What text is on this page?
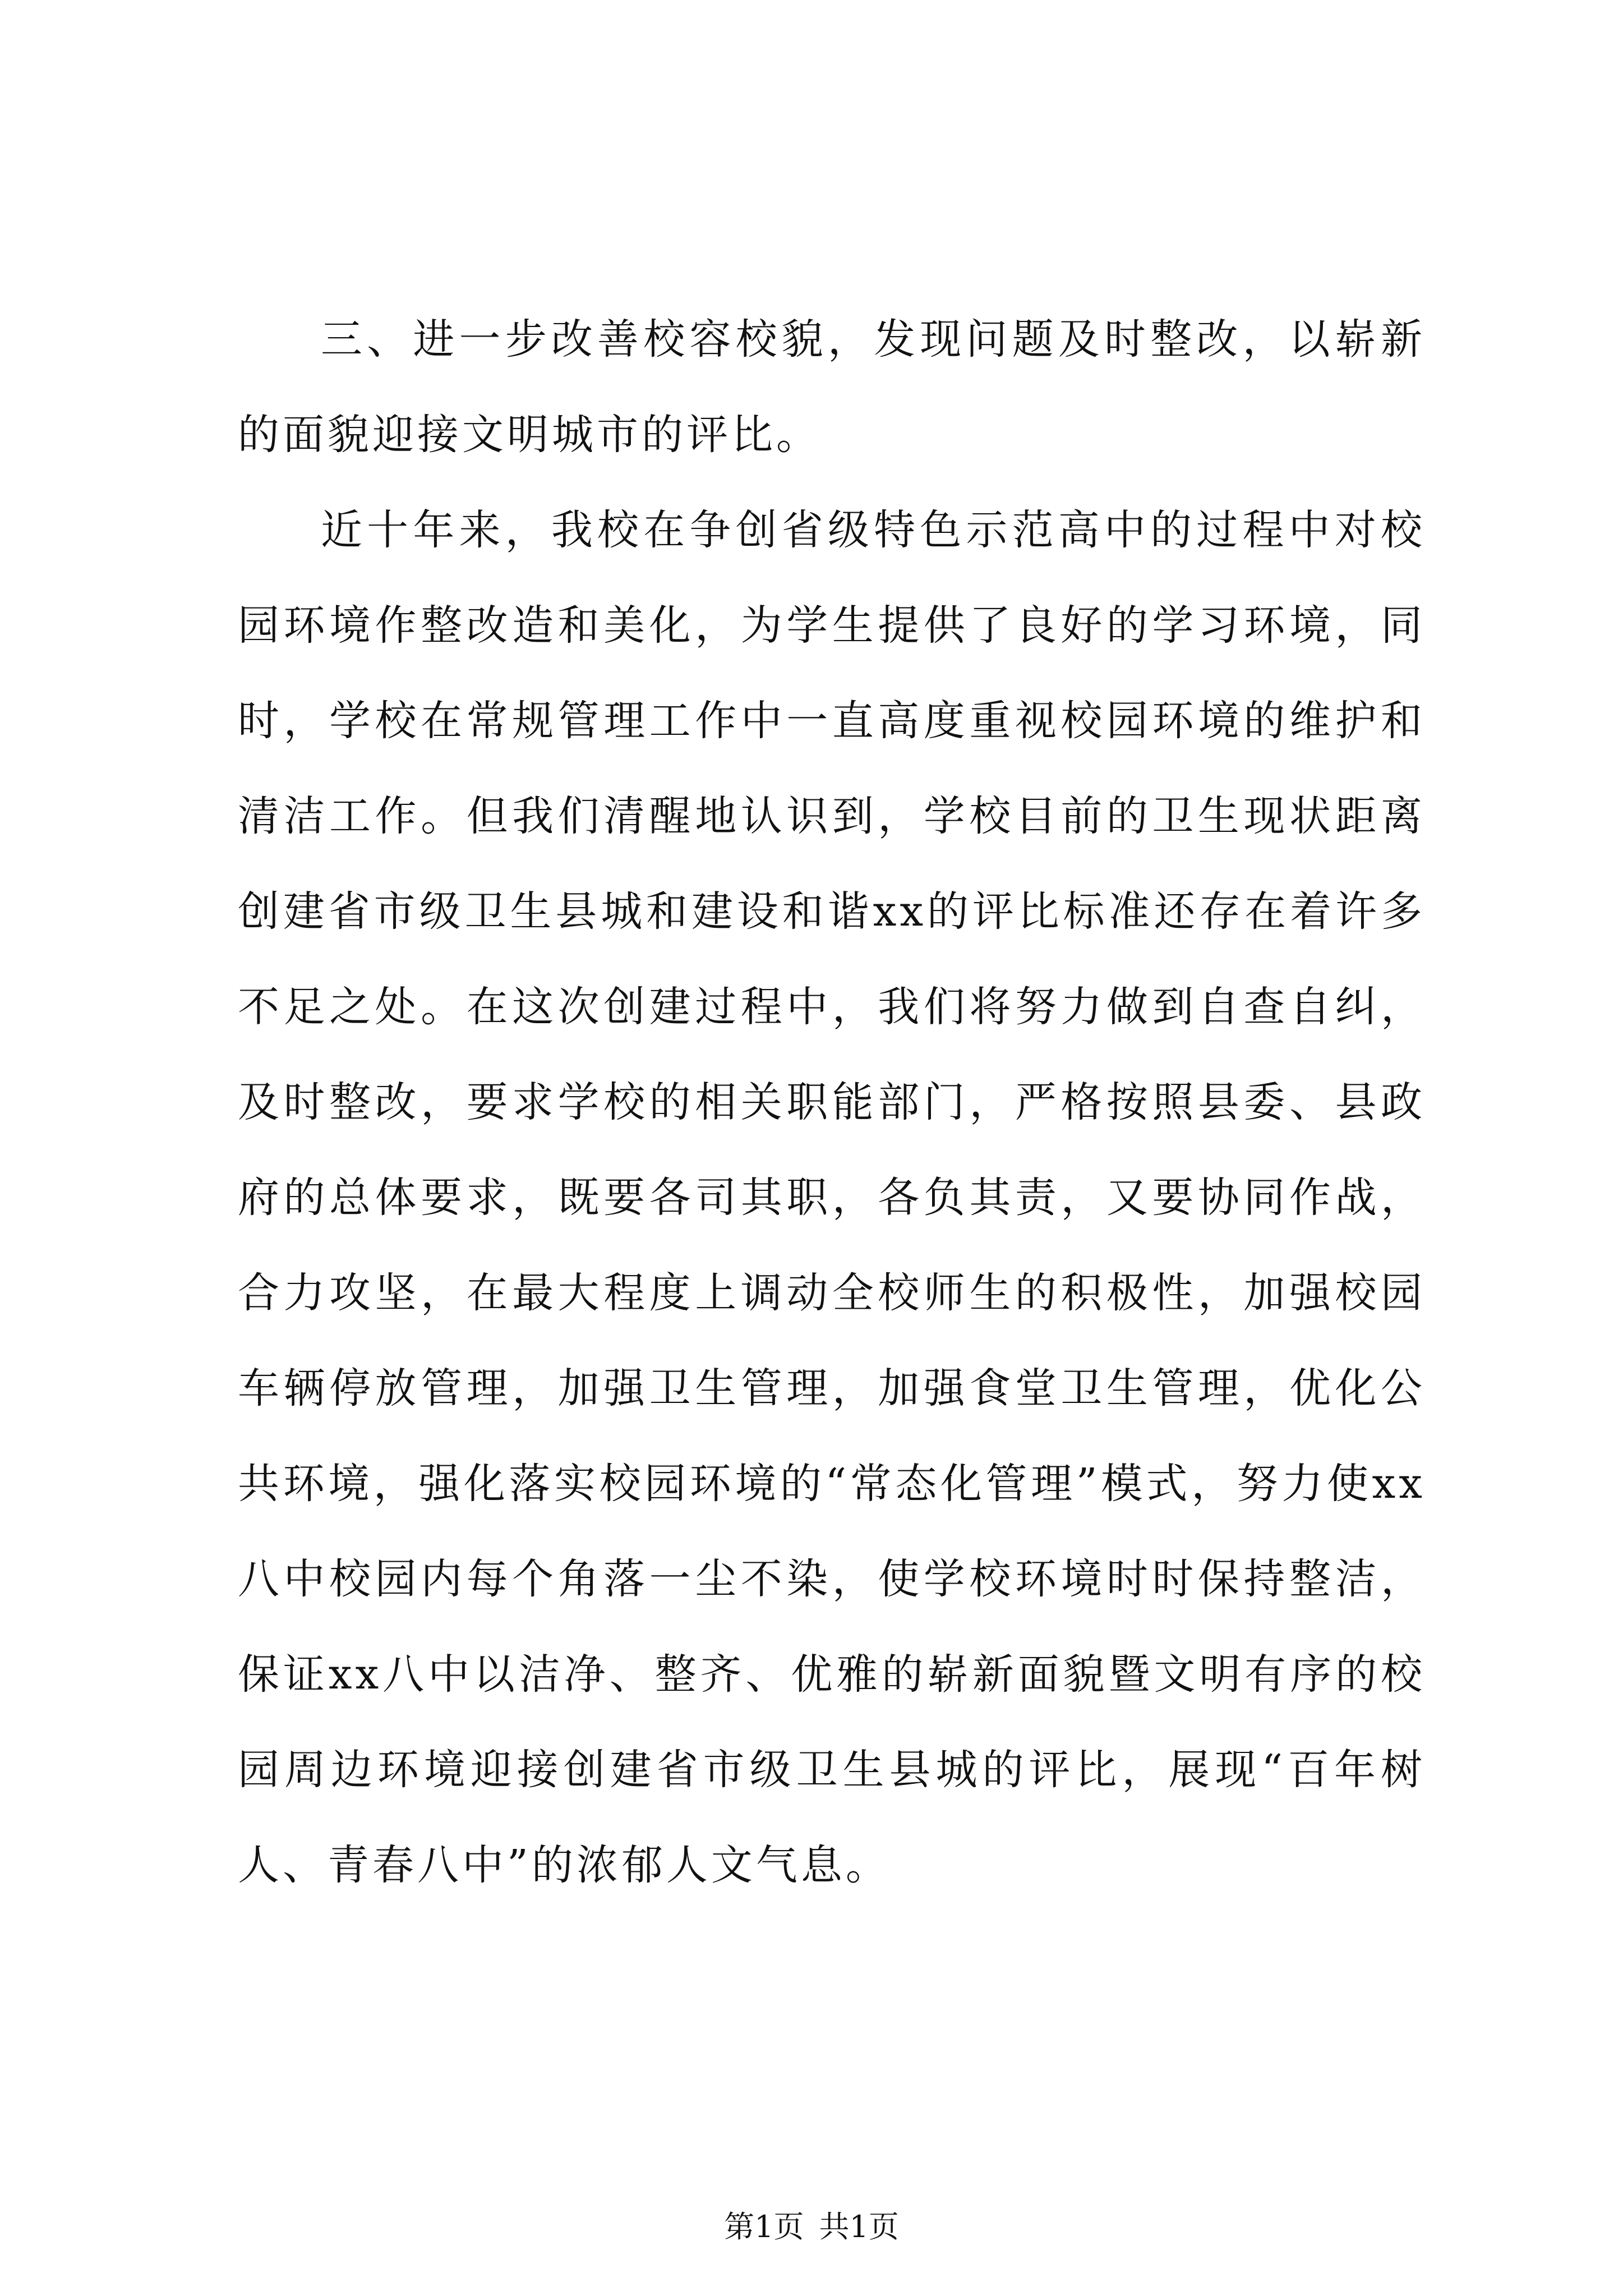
三、进一步改善校容校貌，发现问题及时整改，以崭新的面貌迎接文明城市的评比。

近十年来，我校在争创省级特色示范高中的过程中对校园环境作整改造和美化，为学生提供了良好的学习环境，同时，学校在常规管理工作中一直高度重视校园环境的维护和清洁工作。但我们清醒地认识到，学校目前的卫生现状距离创建省市级卫生县城和建设和谐xx的评比标准还存在着许多不足之处。在这次创建过程中，我们将努力做到自查自纠，及时整改，要求学校的相关职能部门，严格按照县委、县政府的总体要求，既要各司其职，各负其责，又要协同作战，合力攻坚，在最大程度上调动全校师生的积极性，加强校园车辆停放管理，加强卫生管理，加强食堂卫生管理，优化公共环境，强化落实校园环境的“常态化管理”模式，努力使xx八中校园内每个角落一尘不染，使学校环境时时保持整洁，保证xx八中以洁净、整齐、优雅的崭新面貌暨文明有序的校园周边环境迎接创建省市级卫生县城的评比，展现“百年树人、青春八中”的浓郁人文气息。

第1页 共1页
